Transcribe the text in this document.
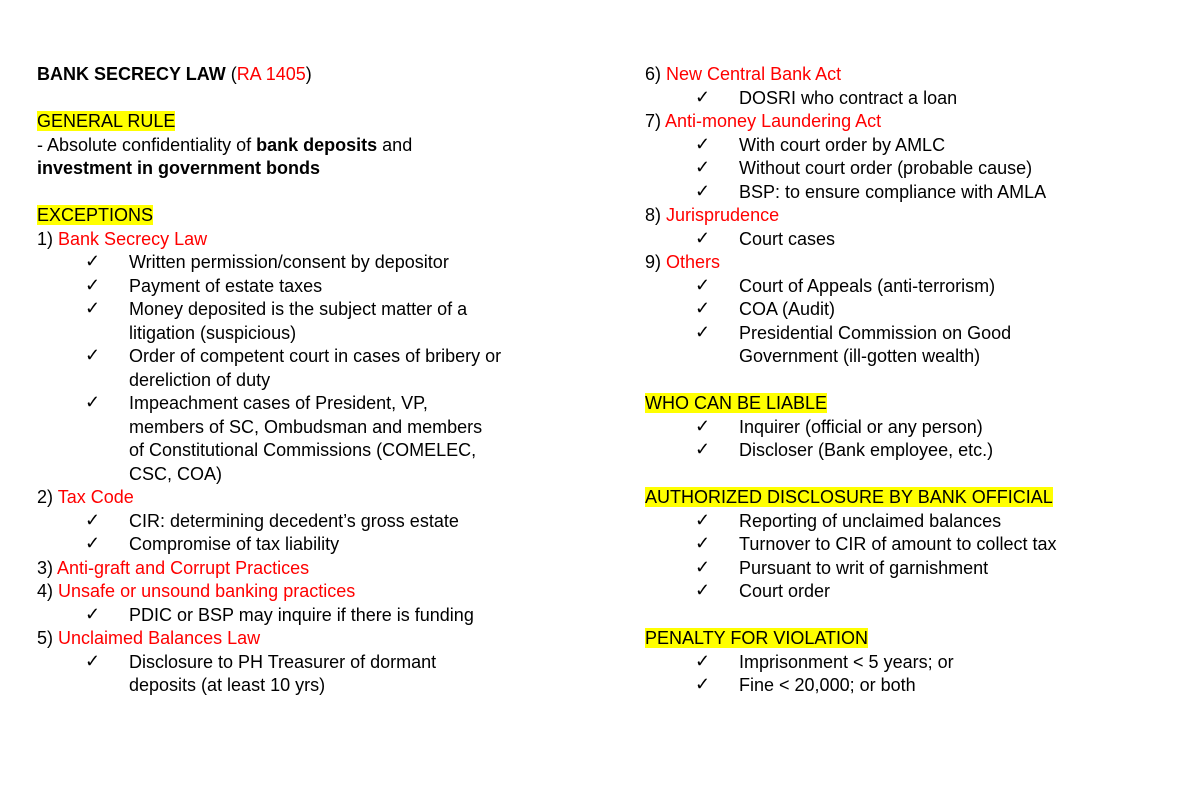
BANK SECRECY LAW (RA 1405)
GENERAL RULE
- Absolute confidentiality of bank deposits and
investment in government bonds
EXCEPTIONS
1) Bank Secrecy Law
✓ Written permission/consent by depositor
✓ Payment of estate taxes
✓ Money deposited is the subject matter of a
litigation (suspicious)
✓ Order of competent court in cases of bribery or
dereliction of duty
✓ Impeachment cases of President, VP,
members of SC, Ombudsman and members
of Constitutional Commissions (COMELEC,
CSC, COA)
2) Tax Code
✓ CIR: determining decedent’s gross estate
✓ Compromise of tax liability
3) Anti-graft and Corrupt Practices
4) Unsafe or unsound banking practices
✓ PDIC or BSP may inquire if there is funding
5) Unclaimed Balances Law
✓ Disclosure to PH Treasurer of dormant
deposits (at least 10 yrs)
6) New Central Bank Act
✓ DOSRI who contract a loan
7) Anti-money Laundering Act
✓ With court order by AMLC
✓ Without court order (probable cause)
✓ BSP: to ensure compliance with AMLA
8) Jurisprudence
✓ Court cases
9) Others
✓ Court of Appeals (anti-terrorism)
✓ COA (Audit)
✓ Presidential Commission on Good
Government (ill-gotten wealth)
WHO CAN BE LIABLE
✓ Inquirer (official or any person)
✓ Discloser (Bank employee, etc.)
AUTHORIZED DISCLOSURE BY BANK OFFICIAL
✓ Reporting of unclaimed balances
✓ Turnover to CIR of amount to collect tax
✓ Pursuant to writ of garnishment
✓ Court order
PENALTY FOR VIOLATION
✓ Imprisonment < 5 years; or
✓ Fine < 20,000; or both
